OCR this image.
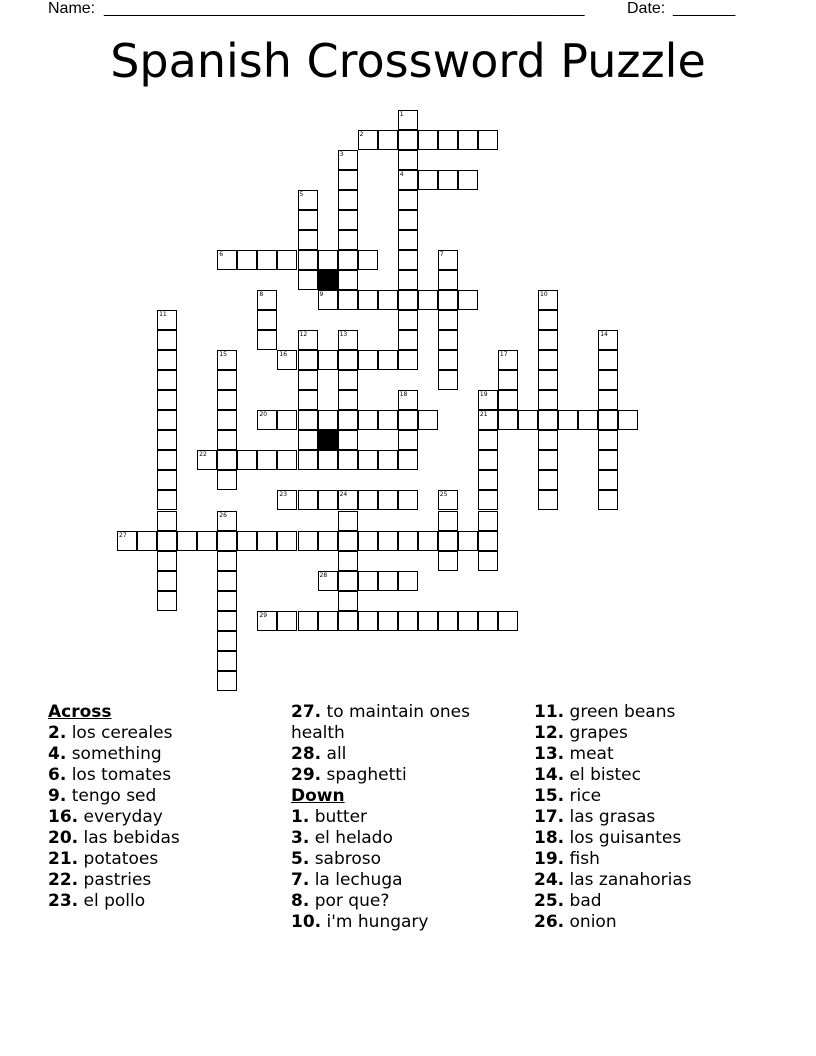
Name: ______________________________________________________	Date: _______
Spanish Crossword Puzzle
2
4
6
9
16
20	21
22
23	24
27
28
29
1
3
5
7
8	10
11
12	13	14
15	17
18	19
25
26
Across
2. los cereales
4. something
6. los tomates
9. tengo sed
16. everyday
20. las bebidas
21. potatoes
22. pastries
23. el pollo
27. to maintain ones health
28. all
29. spaghetti
Down
1. butter
3. el helado
5. sabroso
7. la lechuga
8. por que?
10. i'm hungary
11. green beans
12. grapes
13. meat
14. el bistec
15. rice
17. las grasas
18. los guisantes
19. fish
24. las zanahorias
25. bad
26. onion
